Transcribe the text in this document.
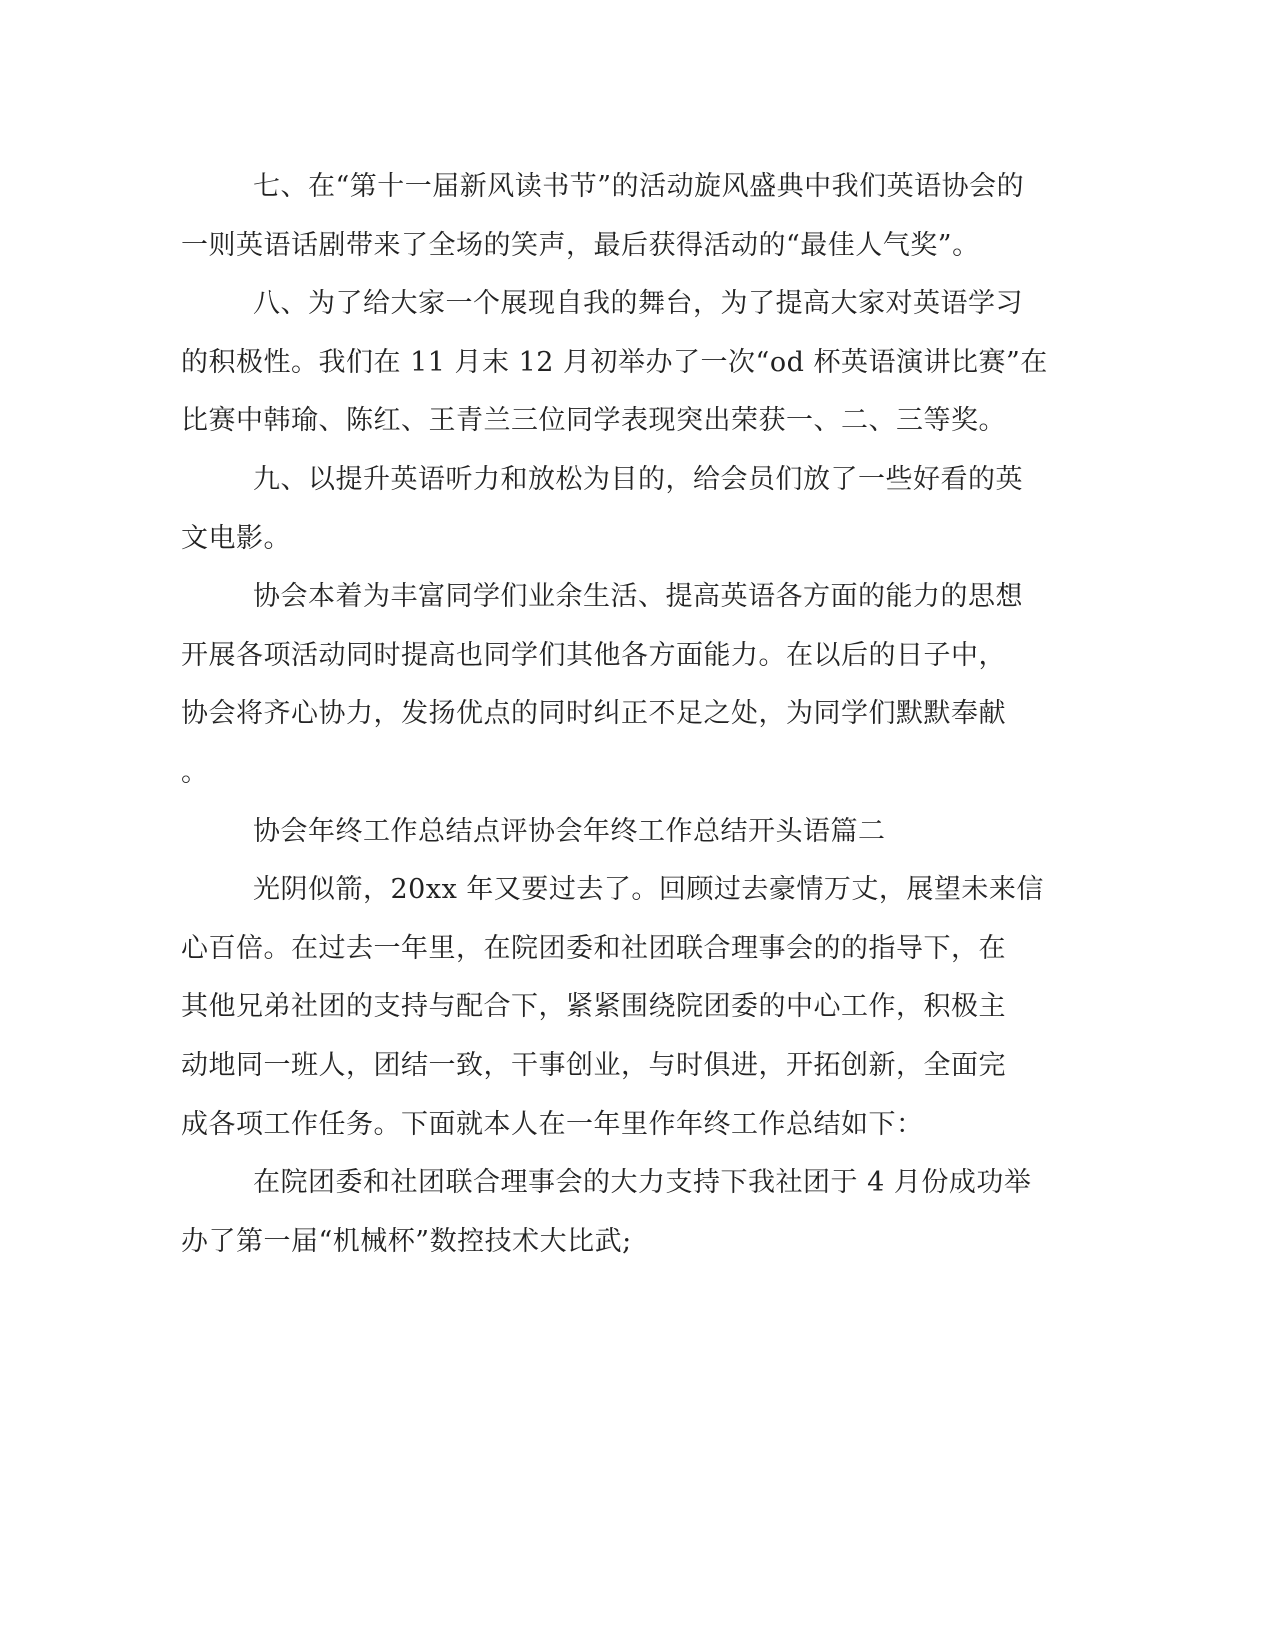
七、在“第十一届新风读书节”的活动旋风盛典中我们英语协会的
一则英语话剧带来了全场的笑声，最后获得活动的“最佳人气奖”。
八、为了给大家一个展现自我的舞台，为了提高大家对英语学习
的积极性。我们在 11 月末 12 月初举办了一次“od 杯英语演讲比赛”在
比赛中韩瑜、陈红、王青兰三位同学表现突出荣获一、二、三等奖。
九、以提升英语听力和放松为目的，给会员们放了一些好看的英
文电影。
协会本着为丰富同学们业余生活、提高英语各方面的能力的思想
开展各项活动同时提高也同学们其他各方面能力。在以后的日子中，
协会将齐心协力，发扬优点的同时纠正不足之处，为同学们默默奉献
。
协会年终工作总结点评协会年终工作总结开头语篇二
光阴似箭，20xx 年又要过去了。回顾过去豪情万丈，展望未来信
心百倍。在过去一年里，在院团委和社团联合理事会的的指导下，在
其他兄弟社团的支持与配合下，紧紧围绕院团委的中心工作，积极主
动地同一班人，团结一致，干事创业，与时俱进，开拓创新，全面完
成各项工作任务。下面就本人在一年里作年终工作总结如下：
在院团委和社团联合理事会的大力支持下我社团于 4 月份成功举
办了第一届“机械杯”数控技术大比武;
